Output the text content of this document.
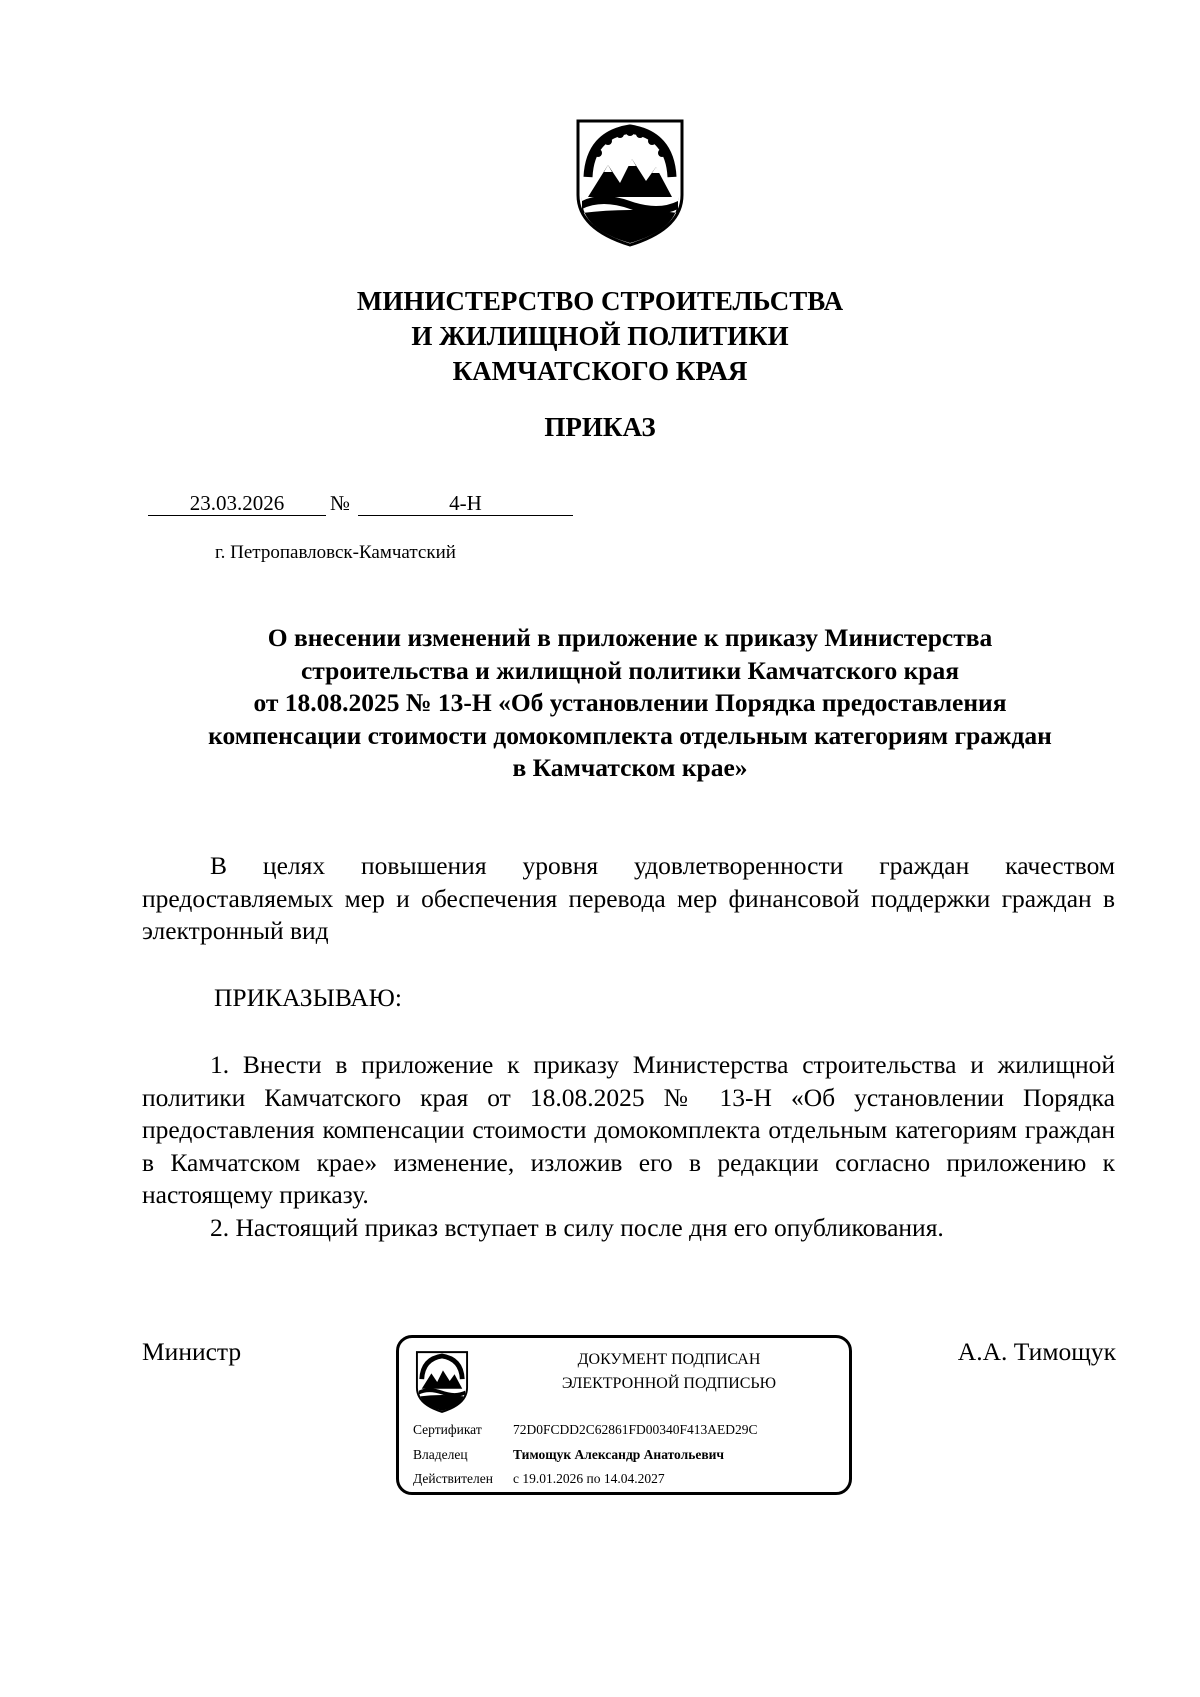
МИНИСТЕРСТВО СТРОИТЕЛЬСТВА
И ЖИЛИЩНОЙ ПОЛИТИКИ
КАМЧАТСКОГО КРАЯ
ПРИКАЗ
23.03.2026	№	4-Н
г. Петропавловск-Камчатский
О внесении изменений в приложение к приказу Министерства
строительства и жилищной политики Камчатского края
от 18.08.2025 № 13-Н «Об установлении Порядка предоставления
компенсации стоимости домокомплекта отдельным категориям граждан
в Камчатском крае»

В целях повышения уровня удовлетворенности граждан качеством предоставляемых мер и обеспечения перевода мер финансовой поддержки граждан в электронный вид

ПРИКАЗЫВАЮ:

1. Внести в приложение к приказу Министерства строительства и жилищной политики Камчатского края от 18.08.2025 № 13-Н «Об установлении Порядка предоставления компенсации стоимости домокомплекта отдельным категориям граждан в Камчатском крае» изменение, изложив его в редакции согласно приложению к настоящему приказу.

2. Настоящий приказ вступает в силу после дня его опубликования.

Министр	А.А. Тимощук
ДОКУМЕНТ ПОДПИСАН
ЭЛЕКТРОННОЙ ПОДПИСЬЮ
Сертификат 72D0FCDD2C62861FD00340F413AED29C
Владелец	Тимощук Александр Анатольевич
Действителен с 19.01.2026 по 14.04.2027
